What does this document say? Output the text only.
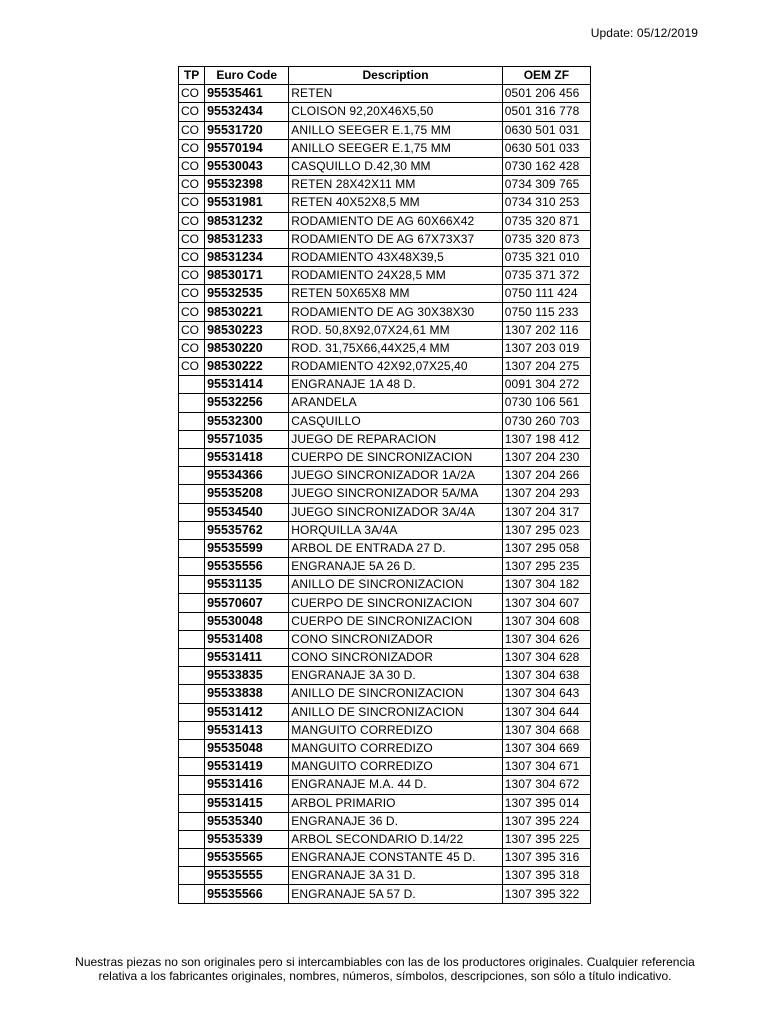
Update: 05/12/2019
TP	Euro Code	Description	OEM ZF
CO	95535461	RETEN	0501 206 456
CO	95532434	CLOISON 92,20X46X5,50	0501 316 778
CO	95531720	ANILLO SEEGER E.1,75 MM	0630 501 031
CO	95570194	ANILLO SEEGER E.1,75 MM	0630 501 033
CO	95530043	CASQUILLO D.42,30 MM	0730 162 428
CO	95532398	RETEN 28X42X11 MM	0734 309 765
CO	95531981	RETEN 40X52X8,5 MM	0734 310 253
CO	98531232	RODAMIENTO DE AG 60X66X42	0735 320 871
CO	98531233	RODAMIENTO DE AG 67X73X37	0735 320 873
CO	98531234	RODAMIENTO 43X48X39,5	0735 321 010
CO	98530171	RODAMIENTO 24X28,5 MM	0735 371 372
CO	95532535	RETEN 50X65X8 MM	0750 111 424
CO	98530221	RODAMIENTO DE AG 30X38X30	0750 115 233
CO	98530223	ROD. 50,8X92,07X24,61 MM	1307 202 116
CO	98530220	ROD. 31,75X66,44X25,4 MM	1307 203 019
CO	98530222	RODAMIENTO 42X92,07X25,40	1307 204 275
	95531414	ENGRANAJE 1A 48 D.	0091 304 272
	95532256	ARANDELA	0730 106 561
	95532300	CASQUILLO	0730 260 703
	95571035	JUEGO DE REPARACION	1307 198 412
	95531418	CUERPO DE SINCRONIZACION	1307 204 230
	95534366	JUEGO SINCRONIZADOR 1A/2A	1307 204 266
	95535208	JUEGO SINCRONIZADOR 5A/MA	1307 204 293
	95534540	JUEGO SINCRONIZADOR 3A/4A	1307 204 317
	95535762	HORQUILLA 3A/4A	1307 295 023
	95535599	ARBOL DE ENTRADA 27 D.	1307 295 058
	95535556	ENGRANAJE 5A 26 D.	1307 295 235
	95531135	ANILLO DE SINCRONIZACION	1307 304 182
	95570607	CUERPO DE SINCRONIZACION	1307 304 607
	95530048	CUERPO DE SINCRONIZACION	1307 304 608
	95531408	CONO SINCRONIZADOR	1307 304 626
	95531411	CONO SINCRONIZADOR	1307 304 628
	95533835	ENGRANAJE 3A 30 D.	1307 304 638
	95533838	ANILLO DE SINCRONIZACION	1307 304 643
	95531412	ANILLO DE SINCRONIZACION	1307 304 644
	95531413	MANGUITO CORREDIZO	1307 304 668
	95535048	MANGUITO CORREDIZO	1307 304 669
	95531419	MANGUITO CORREDIZO	1307 304 671
	95531416	ENGRANAJE M.A. 44 D.	1307 304 672
	95531415	ARBOL PRIMARIO	1307 395 014
	95535340	ENGRANAJE 36 D.	1307 395 224
	95535339	ARBOL SECONDARIO D.14/22	1307 395 225
	95535565	ENGRANAJE CONSTANTE 45 D.	1307 395 316
	95535555	ENGRANAJE 3A 31 D.	1307 395 318
	95535566	ENGRANAJE 5A 57 D.	1307 395 322
Nuestras piezas no son originales pero si intercambiables con las de los productores originales. Cualquier referencia relativa a los fabricantes originales, nombres, números, símbolos, descripciones, son sólo a título indicativo.
